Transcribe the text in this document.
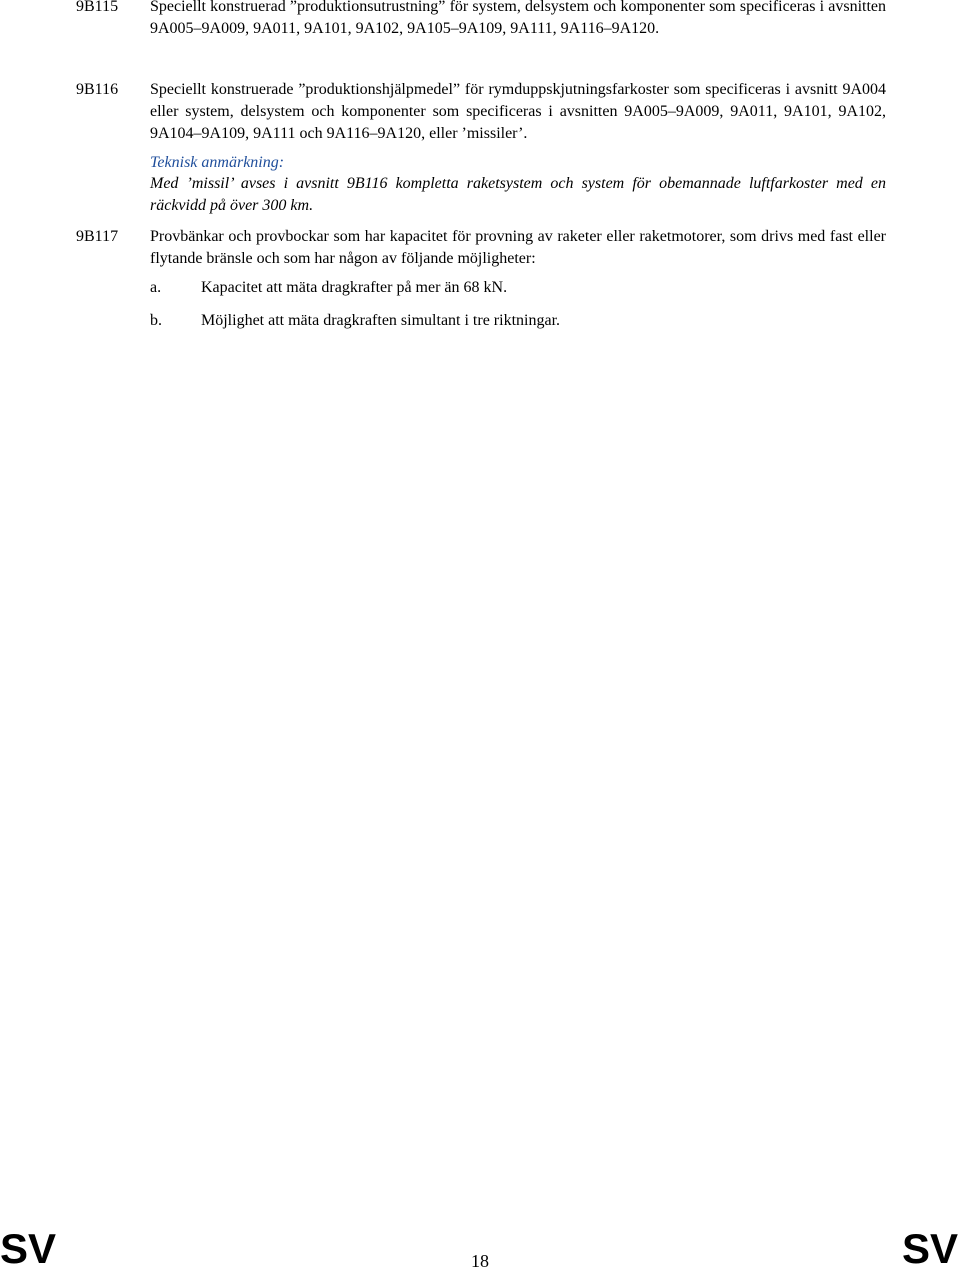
9B115 Speciellt konstruerad ”produktionsutrustning” för system, delsystem och komponenter som specificeras i avsnitten 9A005–9A009, 9A011, 9A101, 9A102, 9A105–9A109, 9A111, 9A116–9A120.

9B116 Speciellt konstruerade ”produktionshjälpmedel” för rymduppskjutningsfarkoster som specificeras i avsnitt 9A004 eller system, delsystem och komponenter som specificeras i avsnitten 9A005–9A009, 9A011, 9A101, 9A102, 9A104–9A109, 9A111 och 9A116–9A120, eller ’missiler’.

Teknisk anmärkning:

Med ’missil’ avses i avsnitt 9B116 kompletta raketsystem och system för obemannade luftfarkoster med en räckvidd på över 300 km.

9B117 Provbänkar och provbockar som har kapacitet för provning av raketer eller raketmotorer, som drivs med fast eller flytande bränsle och som har någon av följande möjligheter:

a. Kapacitet att mäta dragkrafter på mer än 68 kN.

b. Möjlighet att mäta dragkraften simultant i tre riktningar.

SV	18	SV
